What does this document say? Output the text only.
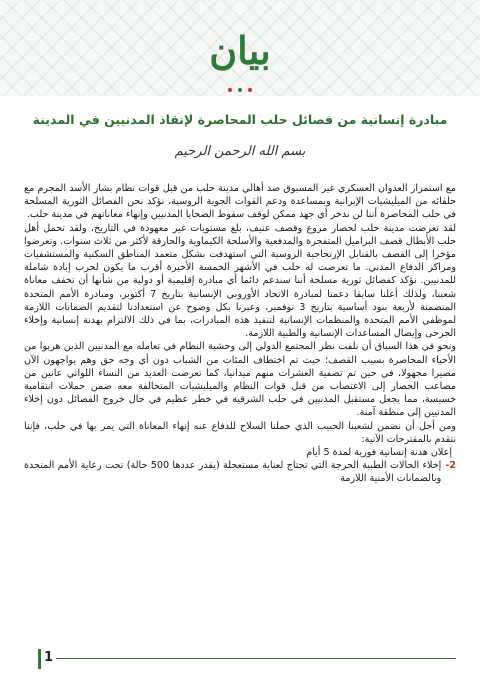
بيان
مبادرة إنسانية من فصائل حلب المحاصرة لإنقاذ المدنيين في المدينة
بسم الله الرحمن الرحيم

مع استمرار العدوان العسكري غير المسبوق ضد أهالي مدينة حلب من قبل قوات نظام بشار الأسد المجرم مع حلفائه من الميليشيات الإيرانية وبمساعدة ودعم القوات الجوية الروسية، نؤكد نحن الفصائل الثورية المسلحة في حلب المحاصرة أننا لن ندخر أي جهد ممكن لوقف سقوط الضحايا المدنيين وإنهاء معاناتهم في مدينة حلب.

لقد تعرضت مدينة حلب لحصار مروع وقصف عنيف، بلغ مستويات غير معهودة في التاريخ، ولقد تحمل أهل حلب الأبطال قصف البراميل المتفجرة والمدفعية والأسلحة الكيماوية والحارقة لأكثر من ثلاث سنوات. وتعرضوا مؤخرا إلى القصف بالقنابل الإرتجاجية الروسية التي استهدفت بشكل متعمد المناطق السكنية والمستشفيات ومراكز الدفاع المدني. ما تعرضت له حلب في الأشهر الخمسة الأخيرة أقرب ما يكون لحرب إبادة شاملة للمدنيين. نؤكد كفصائل ثورية مسلحة أننا سندعم دائما أي مبادرة إقليمية أو دولية من شأنها أن تخفف معاناة شعبنا، ولذلك أعلنا سابقا دعمنا لمبادرة الاتحاد الأوروبي الإنسانية بتاريخ 7 أكتوبر، ومبادرة الأمم المتحدة المتضمنة لأربعة بنود أساسية بتاريخ 3 نوفمبر، وعبرنا بكل وضوح عن استعدادنا لتقديم الضمانات اللازمة لموظفي الأمم المتحدة والمنظمات الإنسانية لتنفيذ هذه المبادرات، بما في ذلك الالتزام بهدنة إنسانية وإخلاء الجرحى وإيصال المساعدات الإنسانية والطبية اللازمة.

ونحو في هذا السياق أن نلفت نظر المجتمع الدولي إلى وحشية النظام في تعامله مع المدنيين الذين هربوا من الأحياء المحاصرة بسبب القصف؛ حيث تم اختطاف المئات من الشباب دون أي وجه حق وهم يواجهون الآن مصيرا مجهولا، في حين تم تصفية العشرات منهم ميدانيا، كما تعرضت العديد من النساء اللواتي عانين من مصاعب الحصار إلى الاغتصاب من قبل قوات النظام والميليشيات المتحالفة معه ضمن حملات انتقامية خسيسة، مما يجعل مستقبل المدنيين في حلب الشرقية في خطر عظيم في حال خروج الفصائل دون إخلاء المدنيين إلى منطقة آمنة.

ومن أجل أن نضمن لشعبنا الحبيب الذي حملنا السلاح للدفاع عنه إنهاء المعاناة التي يمر بها في حلب، فإننا نتقدم بالمقترحات الآتية:

إعلان هدنة إنسانية فورية لمدة 5 أيام
2-
إخلاء الحالات الطبية الحرجة التي تحتاج لعناية مستعجلة (يقدر عددها 500 حالة) تحت رعاية الأمم المتحدة وبالضمانات الأمنية اللازمة
1
